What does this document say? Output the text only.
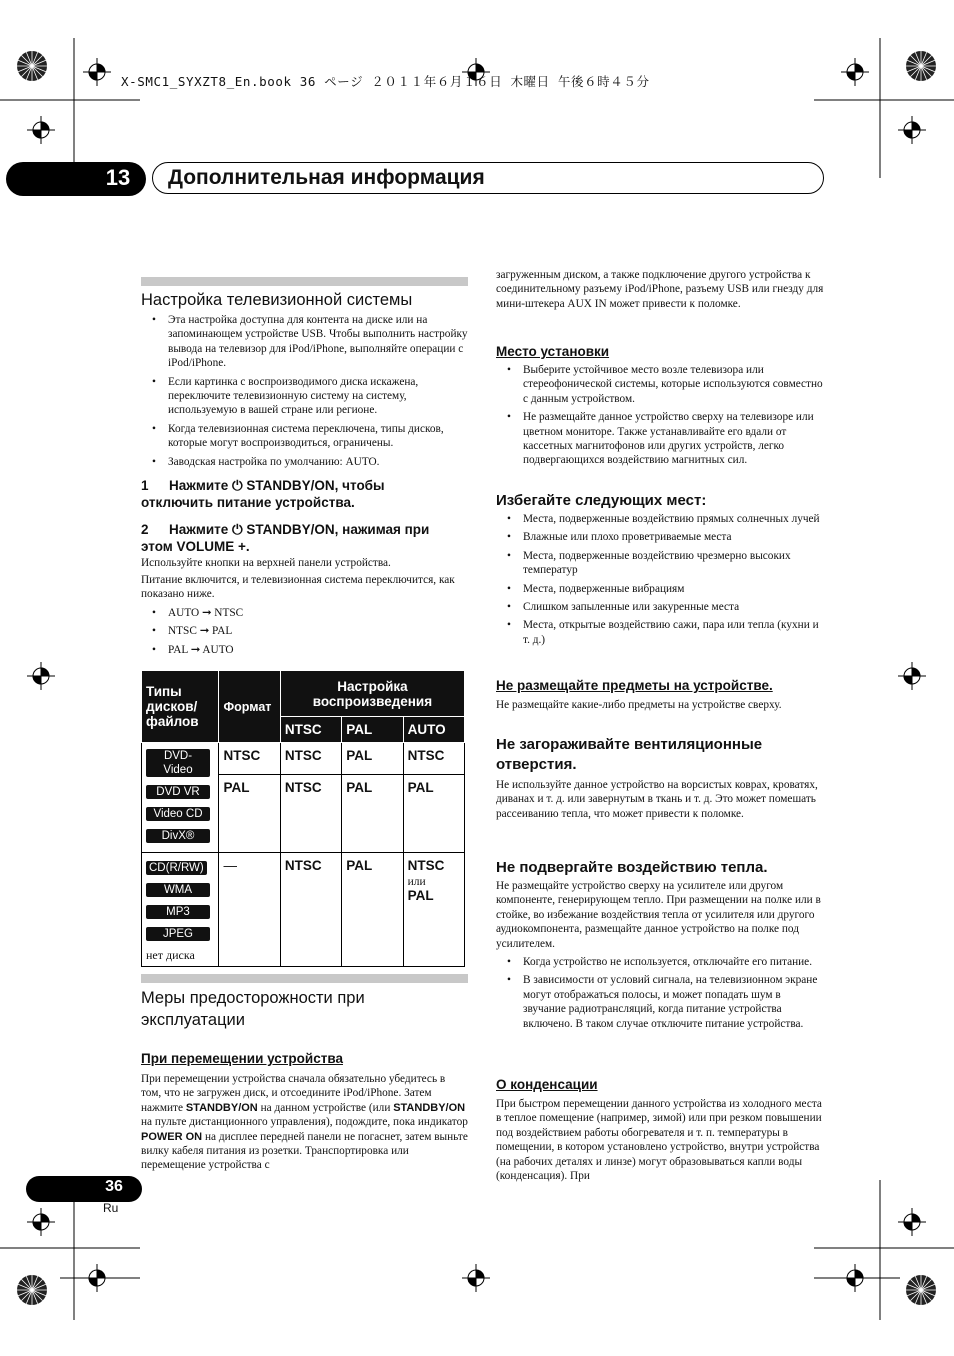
X-SMC1_SYXZT8_En.book 36 ページ ２０１１年６月１６日 木曜日 午後６時４５分
13 Дополнительная информация
Настройка телевизионной системы
• Эта настройка доступна для контента на диске или на запоминающем устройстве USB. Чтобы выполнить настройку вывода на телевизор для iPod/iPhone, выполняйте операции с iPod/iPhone.
• Если картинка с воспроизводимого диска искажена, переключите телевизионную систему на систему, используемую в вашей стране или регионе.
• Когда телевизионная система переключена, типы дисков, которые могут воспроизводиться, ограничены.
• Заводская настройка по умолчанию: AUTO.
1 Нажмите ⏻ STANDBY/ON, чтобы отключить питание устройства.
2 Нажмите ⏻ STANDBY/ON, нажимая при этом VOLUME +.
Используйте кнопки на верхней панели устройства.
Питание включится, и телевизионная система переключится, как показано ниже.
• AUTO ➞ NTSC
• NTSC ➞ PAL
• PAL ➞ AUTO
Типы дисков/ файлов	Формат	Настройка воспроизведения		
		NTSC	PAL	AUTO
DVD-Video
DVD VR
Video CD
DivX®	NTSC	NTSC	PAL	NTSC
	PAL	NTSC	PAL	PAL
CD(R/RW)
WMA
MP3
JPEG
нет диска	—	NTSC	PAL	NTSC
или
PAL
Меры предосторожности при эксплуатации
При перемещении устройства
При перемещении устройства сначала обязательно убедитесь в том, что не загружен диск, и отсоедините iPod/iPhone. Затем нажмите STANDBY/ON на данном устройстве (или STANDBY/ON на пульте дистанционного управления), подождите, пока индикатор POWER ON на дисплее передней панели не погаснет, затем выньте вилку кабеля питания из розетки. Транспортировка или перемещение устройства с
загруженным диском, а также подключение другого устройства к соединительному разъему iPod/iPhone, разъему USB или гнезду для мини-штекера AUX IN может привести к поломке.
Место установки
• Выберите устойчивое место возле телевизора или стереофонической системы, которые используются совместно с данным устройством.
• Не размещайте данное устройство сверху на телевизоре или цветном мониторе. Также устанавливайте его вдали от кассетных магнитофонов или других устройств, легко подвергающихся воздействию магнитных сил.
Избегайте следующих мест:
• Места, подверженные воздействию прямых солнечных лучей
• Влажные или плохо проветриваемые места
• Места, подверженные воздействию чрезмерно высоких температур
• Места, подверженные вибрациям
• Слишком запыленные или закуренные места
• Места, открытые воздействию сажи, пара или тепла (кухни и т. д.)
Не размещайте предметы на устройстве.
Не размещайте какие-либо предметы на устройстве сверху.
Не загораживайте вентиляционные отверстия.
Не используйте данное устройство на ворсистых коврах, кроватях, диванах и т. д. или завернутым в ткань и т. д. Это может помешать рассеиванию тепла, что может привести к поломке.
Не подвергайте воздействию тепла.
Не размещайте устройство сверху на усилителе или другом компоненте, генерирующем тепло. При размещении на полке или в стойке, во избежание воздействия тепла от усилителя или другого аудиокомпонента, размещайте данное устройство на полке под усилителем.
• Когда устройство не используется, отключайте его питание.
• В зависимости от условий сигнала, на телевизионном экране могут отображаться полосы, и может попадать шум в звучание радиотрансляций, когда питание устройства включено. В таком случае отключите питание устройства.
О конденсации
При быстром перемещении данного устройства из холодного места в теплое помещение (например, зимой) или при резком повышении под воздействием работы обогревателя и т. п. температуры в помещении, в котором установлено устройство, внутри устройства (на рабочих деталях и линзе) могут образовываться капли воды (конденсация). При
36
Ru
